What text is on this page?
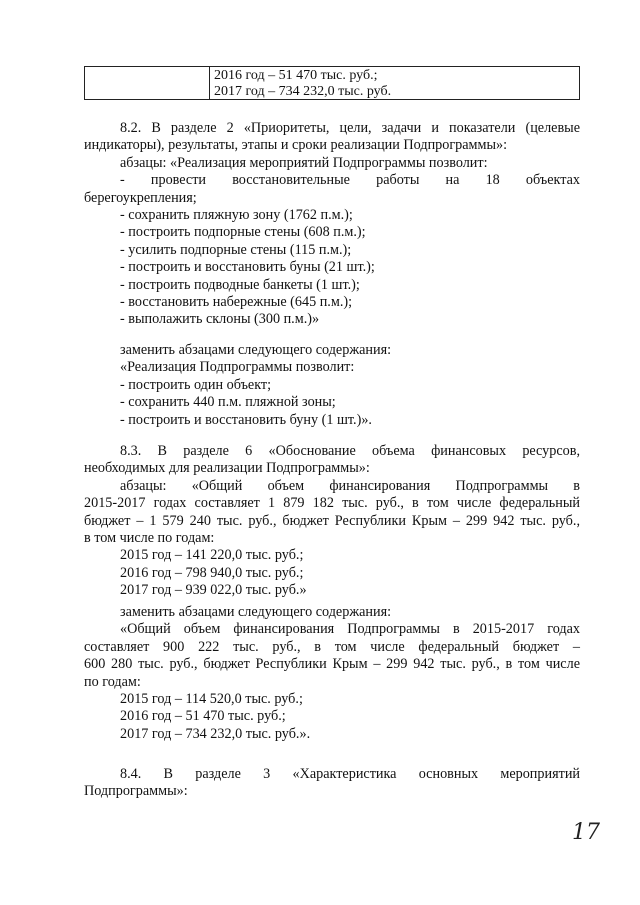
2016 год – 51 470 тыс. руб.;
2017 год – 734 232,0 тыс. руб.

8.2. В разделе 2 «Приоритеты, цели, задачи и показатели (целевые

индикаторы), результаты, этапы и сроки реализации Подпрограммы»:

абзацы: «Реализация мероприятий Подпрограммы позволит:

- провести восстановительные работы на 18 объектах

берегоукрепления;

- сохранить пляжную зону (1762 п.м.);

- построить подпорные стены (608 п.м.);

- усилить подпорные стены (115 п.м.);

- построить и восстановить буны (21 шт.);

- построить подводные банкеты (1 шт.);

- восстановить набережные (645 п.м.);

- выполажить склоны (300 п.м.)»

заменить абзацами следующего содержания:

«Реализация Подпрограммы позволит:

- построить один объект;

- сохранить 440 п.м. пляжной зоны;

- построить и восстановить буну (1 шт.)».

8.3. В разделе 6 «Обоснование объема финансовых ресурсов,

необходимых для реализации Подпрограммы»:

абзацы: «Общий объем финансирования Подпрограммы в

2015-2017 годах составляет 1 879 182 тыс. руб., в том числе федеральный

бюджет – 1 579 240 тыс. руб., бюджет Республики Крым – 299 942 тыс. руб.,

в том числе по годам:

2015 год – 141 220,0 тыс. руб.;

2016 год – 798 940,0 тыс. руб.;

2017 год – 939 022,0 тыс. руб.»

заменить абзацами следующего содержания:

«Общий объем финансирования Подпрограммы в 2015-2017 годах

составляет 900 222 тыс. руб., в том числе федеральный бюджет –

600 280 тыс. руб., бюджет Республики Крым – 299 942 тыс. руб., в том числе

по годам:

2015 год – 114 520,0 тыс. руб.;

2016 год – 51 470 тыс. руб.;

2017 год – 734 232,0 тыс. руб.».

8.4. В разделе 3 «Характеристика основных мероприятий

Подпрограммы»:

17
